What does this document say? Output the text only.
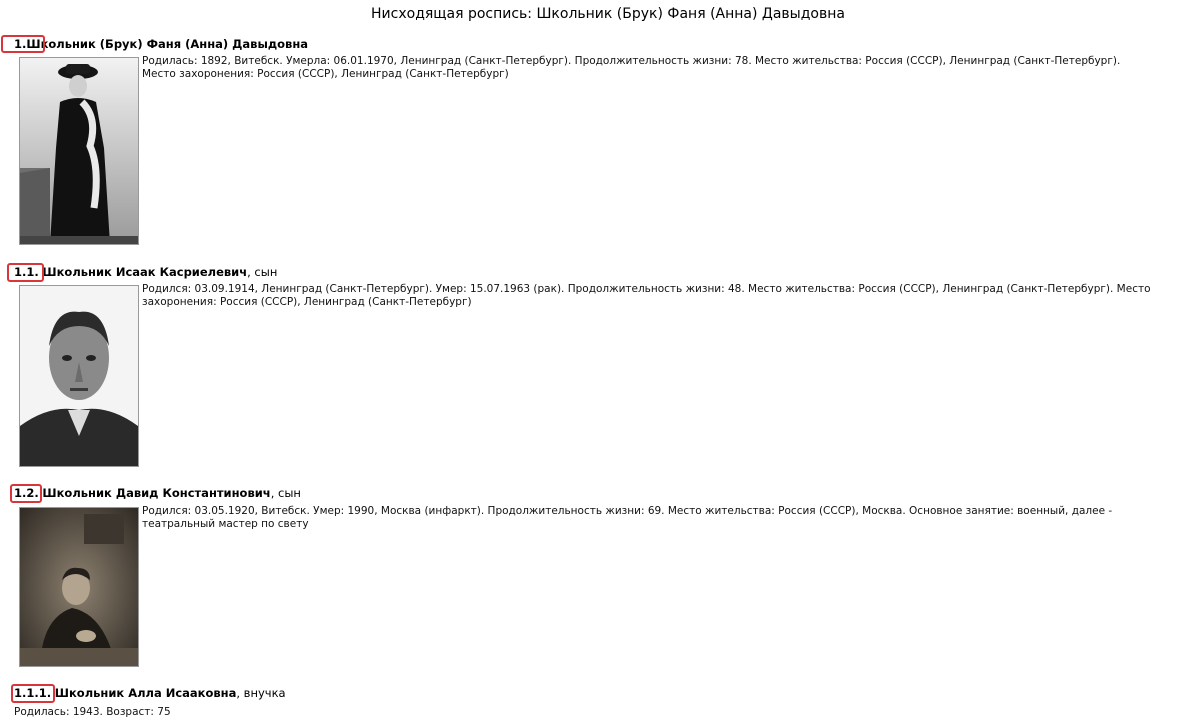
Нисходящая роспись: Школьник (Брук) Фаня (Анна) Давыдовна
1.Школьник (Брук) Фаня (Анна) Давыдовна
Родилась: 1892, Витебск. Умерла: 06.01.1970, Ленинград (Санкт-Петербург). Продолжительность жизни: 78. Место жительства: Россия (СССР), Ленинград (Санкт-Петербург). Место захоронения: Россия (СССР), Ленинград (Санкт-Петербург)
1.1. Школьник Исаак Касриелевич, сын
Родился: 03.09.1914, Ленинград (Санкт-Петербург). Умер: 15.07.1963 (рак). Продолжительность жизни: 48. Место жительства: Россия (СССР), Ленинград (Санкт-Петербург). Место захоронения: Россия (СССР), Ленинград (Санкт-Петербург)
1.2. Школьник Давид Константинович, сын
Родился: 03.05.1920, Витебск. Умер: 1990, Москва (инфаркт). Продолжительность жизни: 69. Место жительства: Россия (СССР), Москва. Основное занятие: военный, далее - театральный мастер по свету
1.1.1. Школьник Алла Исааковна, внучка
Родилась: 1943. Возраст: 75
